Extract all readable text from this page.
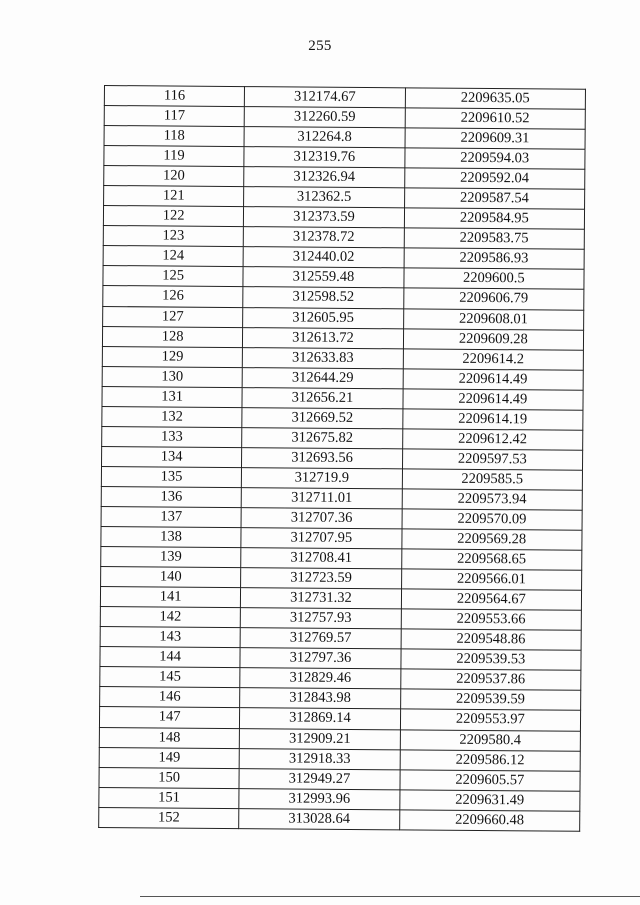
255
116	312174.67	2209635.05
117	312260.59	2209610.52
118	312264.8	2209609.31
119	312319.76	2209594.03
120	312326.94	2209592.04
121	312362.5	2209587.54
122	312373.59	2209584.95
123	312378.72	2209583.75
124	312440.02	2209586.93
125	312559.48	2209600.5
126	312598.52	2209606.79
127	312605.95	2209608.01
128	312613.72	2209609.28
129	312633.83	2209614.2
130	312644.29	2209614.49
131	312656.21	2209614.49
132	312669.52	2209614.19
133	312675.82	2209612.42
134	312693.56	2209597.53
135	312719.9	2209585.5
136	312711.01	2209573.94
137	312707.36	2209570.09
138	312707.95	2209569.28
139	312708.41	2209568.65
140	312723.59	2209566.01
141	312731.32	2209564.67
142	312757.93	2209553.66
143	312769.57	2209548.86
144	312797.36	2209539.53
145	312829.46	2209537.86
146	312843.98	2209539.59
147	312869.14	2209553.97
148	312909.21	2209580.4
149	312918.33	2209586.12
150	312949.27	2209605.57
151	312993.96	2209631.49
152	313028.64	2209660.48
